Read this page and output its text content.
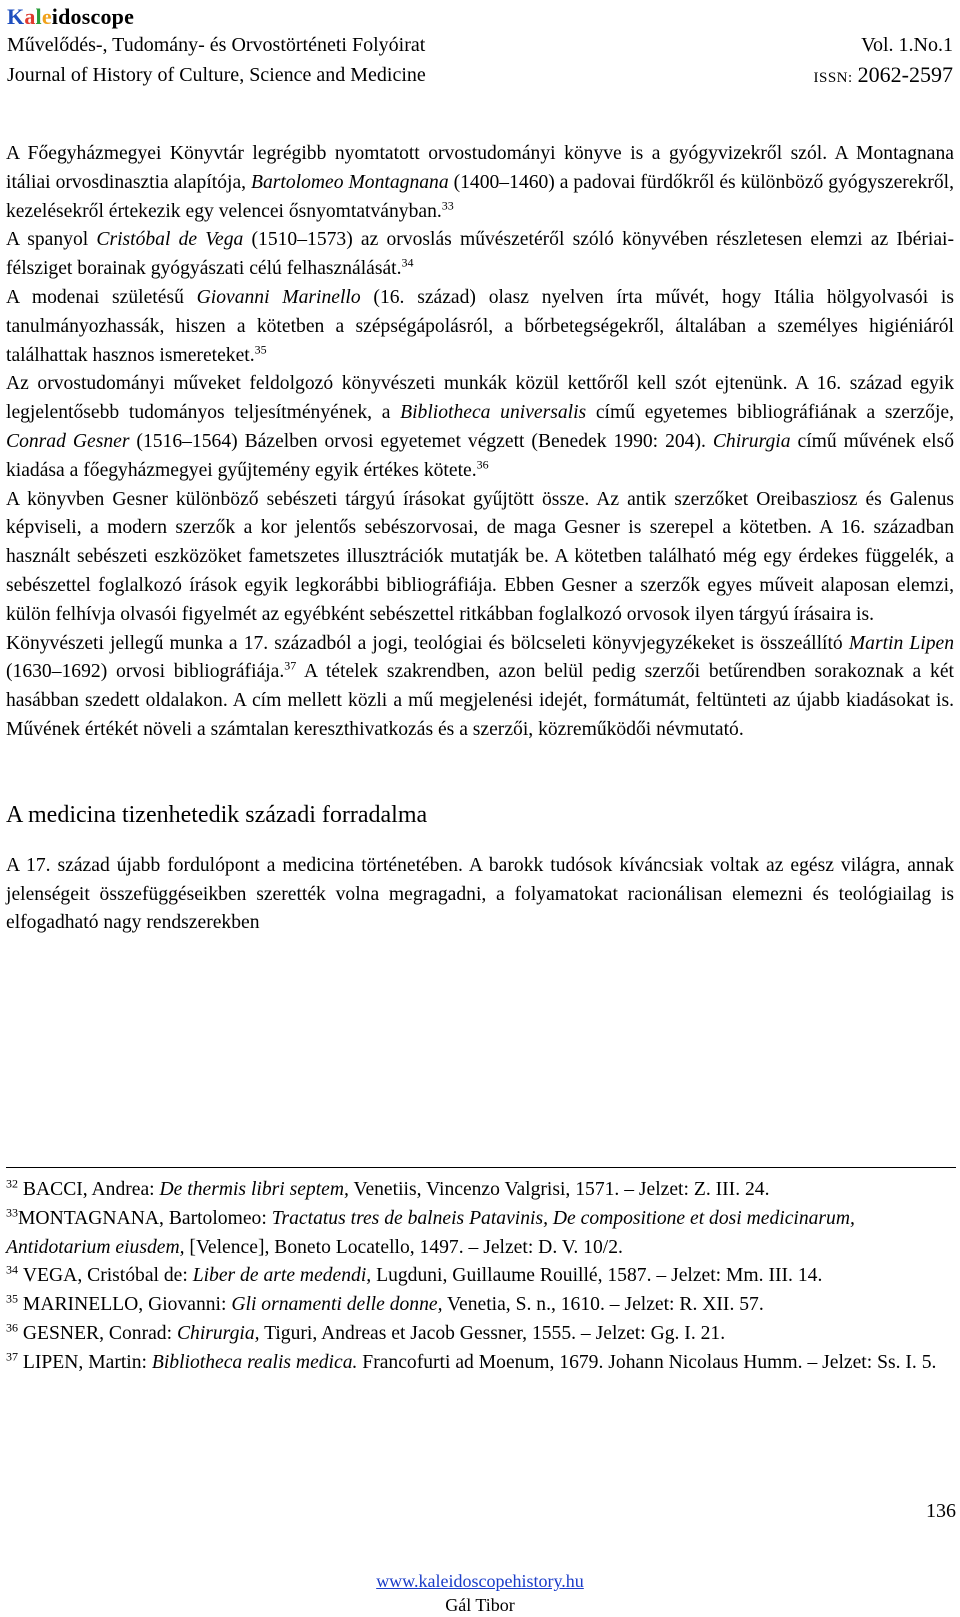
Kaleidoscope
Művelődés-, Tudomány- és Orvostörténeti Folyóirat	Vol. 1.No.1
Journal of History of Culture, Science and Medicine	ISSN: 2062-2597

A Főegyházmegyei Könyvtár legrégibb nyomtatott orvostudományi könyve is a gyógyvizekről szól. A Montagnana itáliai orvosdinasztia alapítója, Bartolomeo Montagnana (1400–1460) a padovai fürdőkről és különböző gyógyszerekről, kezelésekről értekezik egy velencei ősnyomtatványban.$^{33}$

A spanyol Cristóbal de Vega (1510–1573) az orvoslás művészetéről szóló könyvében részletesen elemzi az Ibériai-félsziget borainak gyógyászati célú felhasználását.$^{34}$

A modenai születésű Giovanni Marinello (16. század) olasz nyelven írta művét, hogy Itália hölgyolvasói is tanulmányozhassák, hiszen a kötetben a szépségápolásról, a bőrbetegségekről, általában a személyes higiéniáról találhattak hasznos ismereteket.$^{35}$

Az orvostudományi műveket feldolgozó könyvészeti munkák közül kettőről kell szót ejtenünk. A 16. század egyik legjelentősebb tudományos teljesítményének, a Bibliotheca universalis című egyetemes bibliográfiának a szerzője, Conrad Gesner (1516–1564) Bázelben orvosi egyetemet végzett (Benedek 1990: 204). Chirurgia című művének első kiadása a főegyházmegyei gyűjtemény egyik értékes kötete.$^{36}$

A könyvben Gesner különböző sebészeti tárgyú írásokat gyűjtött össze. Az antik szerzőket Oreibasziosz és Galenus képviseli, a modern szerzők a kor jelentős sebészorvosai, de maga Gesner is szerepel a kötetben. A 16. században használt sebészeti eszközöket fametszetes illusztrációk mutatják be. A kötetben található még egy érdekes függelék, a sebészettel foglalkozó írások egyik legkorábbi bibliográfiája. Ebben Gesner a szerzők egyes műveit alaposan elemzi, külön felhívja olvasói figyelmét az egyébként sebészettel ritkábban foglalkozó orvosok ilyen tárgyú írásaira is.

Könyvészeti jellegű munka a 17. századból a jogi, teológiai és bölcseleti könyvjegyzékeket is összeállító Martin Lipen (1630–1692) orvosi bibliográfiája.$^{37}$ A tételek szakrendben, azon belül pedig szerzői betűrendben sorakoznak a két hasábban szedett oldalakon. A cím mellett közli a mű megjelenési idejét, formátumát, feltünteti az újabb kiadásokat is. Művének értékét növeli a számtalan kereszthivatkozás és a szerzői, közreműködői névmutató.

A medicina tizenhetedik századi forradalma

A 17. század újabb fordulópont a medicina történetében. A barokk tudósok kíváncsiak voltak az egész világra, annak jelenségeit összefüggéseikben szerették volna megragadni, a folyamatokat racionálisan elemezni és teológiailag is elfogadható nagy rendszerekben

$^{32}$ BACCI, Andrea: De thermis libri septem, Venetiis, Vincenzo Valgrisi, 1571. – Jelzet: Z. III. 24.
$^{33}$MONTAGNANA, Bartolomeo: Tractatus tres de balneis Patavinis, De compositione et dosi medicinarum, Antidotarium eiusdem, [Velence], Boneto Locatello, 1497. – Jelzet: D. V. 10/2.
$^{34}$ VEGA, Cristóbal de: Liber de arte medendi, Lugduni, Guillaume Rouillé, 1587. – Jelzet: Mm. III. 14.
$^{35}$ MARINELLO, Giovanni: Gli ornamenti delle donne, Venetia, S. n., 1610. – Jelzet: R. XII. 57.
$^{36}$ GESNER, Conrad: Chirurgia, Tiguri, Andreas et Jacob Gessner, 1555. – Jelzet: Gg. I. 21.
$^{37}$ LIPEN, Martin: Bibliotheca realis medica. Francofurti ad Moenum, 1679. Johann Nicolaus Humm. – Jelzet: Ss. I. 5.
136
www.kaleidoscopehistory.hu
Gál Tibor
